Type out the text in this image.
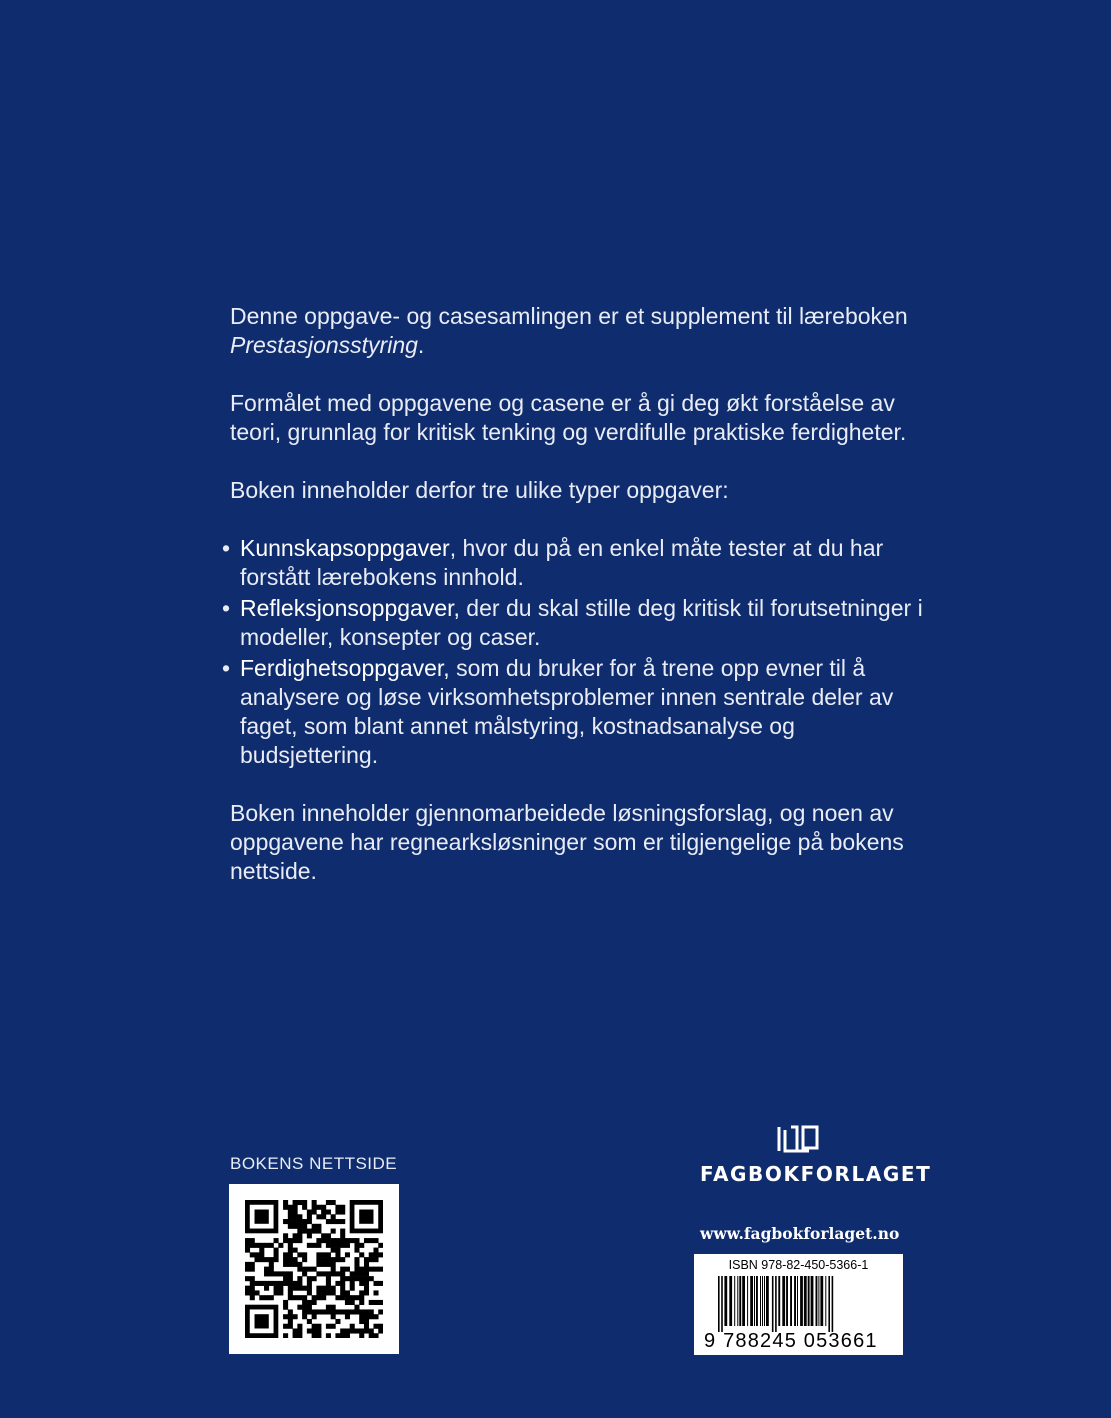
Denne oppgave- og casesamlingen er et supplement til læreboken Prestasjonsstyring.

Formålet med oppgavene og casene er å gi deg økt forståelse av teori, grunnlag for kritisk tenking og verdifulle praktiske ferdigheter.

Boken inneholder derfor tre ulike typer oppgaver:

• Kunnskapsoppgaver, hvor du på en enkel måte tester at du har forstått lærebokens innhold.
• Refleksjonsoppgaver, der du skal stille deg kritisk til forutsetninger i modeller, konsepter og caser.
• Ferdighetsoppgaver, som du bruker for å trene opp evner til å analysere og løse virksomhetsproblemer innen sentrale deler av faget, som blant annet målstyring, kostnadsanalyse og budsjettering.

Boken inneholder gjennomarbeidede løsningsforslag, og noen av oppgavene har regnearksløsninger som er tilgjengelige på bokens nettside.

BOKENS NETTSIDE	FAGBOKFORLAGET
www.fagbokforlaget.no
ISBN 978-82-450-5366-1
9 788245 053661
